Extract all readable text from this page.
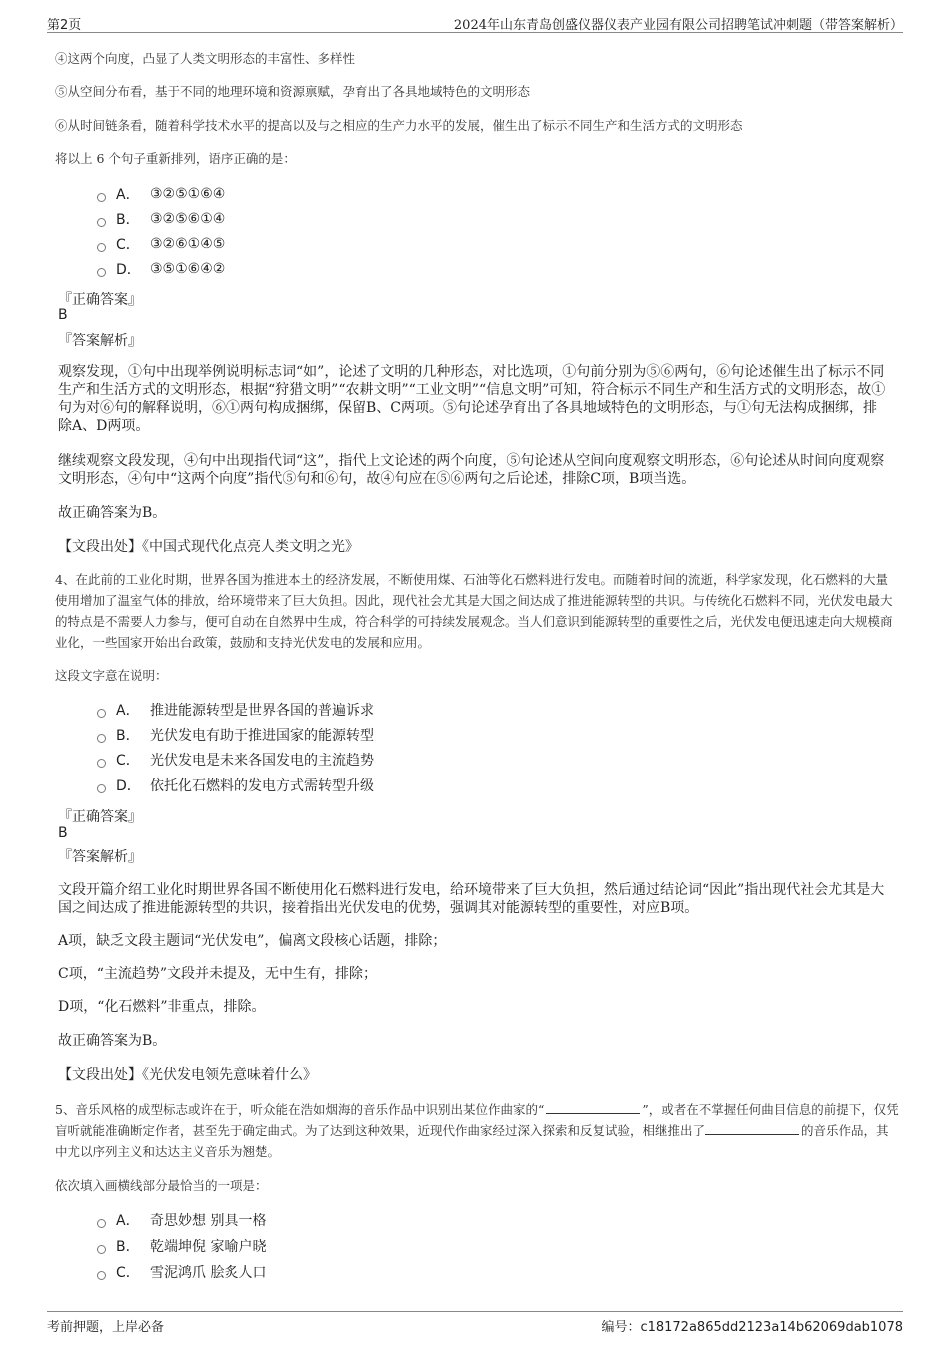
第2页	2024年山东青岛创盛仪器仪表产业园有限公司招聘笔试冲刺题（带答案解析）
④这两个向度，凸显了人类文明形态的丰富性、多样性
⑤从空间分布看，基于不同的地理环境和资源禀赋，孕育出了各具地域特色的文明形态
⑥从时间链条看，随着科学技术水平的提高以及与之相应的生产力水平的发展，催生出了标示不同生产和生活方式的文明形态
将以上 6 个句子重新排列，语序正确的是：
A． ③②⑤①⑥④
B． ③②⑤⑥①④
C． ③②⑥①④⑤
D． ③⑤①⑥④②
『正确答案』
B
『答案解析』
观察发现，①句中出现举例说明标志词“如”，论述了文明的几种形态，对比选项，①句前分别为⑤⑥两句，⑥句论述催生出了标示不同生产和生活方式的文明形态，根据“狩猎文明”“农耕文明”“工业文明”“信息文明”可知，符合标示不同生产和生活方式的文明形态，故①句为对⑥句的解释说明，⑥①两句构成捆绑，保留B、C两项。⑤句论述孕育出了各具地域特色的文明形态，与①句无法构成捆绑，排除A、D两项。
继续观察文段发现，④句中出现指代词“这”，指代上文论述的两个向度，⑤句论述从空间向度观察文明形态，⑥句论述从时间向度观察文明形态，④句中“这两个向度”指代⑤句和⑥句，故④句应在⑤⑥两句之后论述，排除C项，B项当选。
故正确答案为B。
【文段出处】《中国式现代化点亮人类文明之光》
4、在此前的工业化时期，世界各国为推进本土的经济发展，不断使用煤、石油等化石燃料进行发电。而随着时间的流逝，科学家发现，化石燃料的大量使用增加了温室气体的排放，给环境带来了巨大负担。因此，现代社会尤其是大国之间达成了推进能源转型的共识。与传统化石燃料不同，光伏发电最大的特点是不需要人力参与，便可自动在自然界中生成，符合科学的可持续发展观念。当人们意识到能源转型的重要性之后，光伏发电便迅速走向大规模商业化，一些国家开始出台政策，鼓励和支持光伏发电的发展和应用。
这段文字意在说明：
A． 推进能源转型是世界各国的普遍诉求
B． 光伏发电有助于推进国家的能源转型
C． 光伏发电是未来各国发电的主流趋势
D． 依托化石燃料的发电方式需转型升级
『正确答案』
B
『答案解析』
文段开篇介绍工业化时期世界各国不断使用化石燃料进行发电，给环境带来了巨大负担，然后通过结论词“因此”指出现代社会尤其是大国之间达成了推进能源转型的共识，接着指出光伏发电的优势，强调其对能源转型的重要性，对应B项。
A项，缺乏文段主题词“光伏发电”，偏离文段核心话题，排除；
C项，“主流趋势”文段并未提及，无中生有，排除；
D项，“化石燃料”非重点，排除。
故正确答案为B。
【文段出处】《光伏发电领先意味着什么》
5、音乐风格的成型标志或许在于，听众能在浩如烟海的音乐作品中识别出某位作曲家的“	”，或者在不掌握任何曲目信息的前提下，仅凭盲听就能准确断定作者，甚至先于确定曲式。为了达到这种效果，近现代作曲家经过深入探索和反复试验，相继推出了	的音乐作品，其中尤以序列主义和达达主义音乐为翘楚。
依次填入画横线部分最恰当的一项是：
A． 奇思妙想 别具一格
B． 乾端坤倪 家喻户晓
C． 雪泥鸿爪 脍炙人口
考前押题，上岸必备	编号：c18172a865dd2123a14b62069dab1078
